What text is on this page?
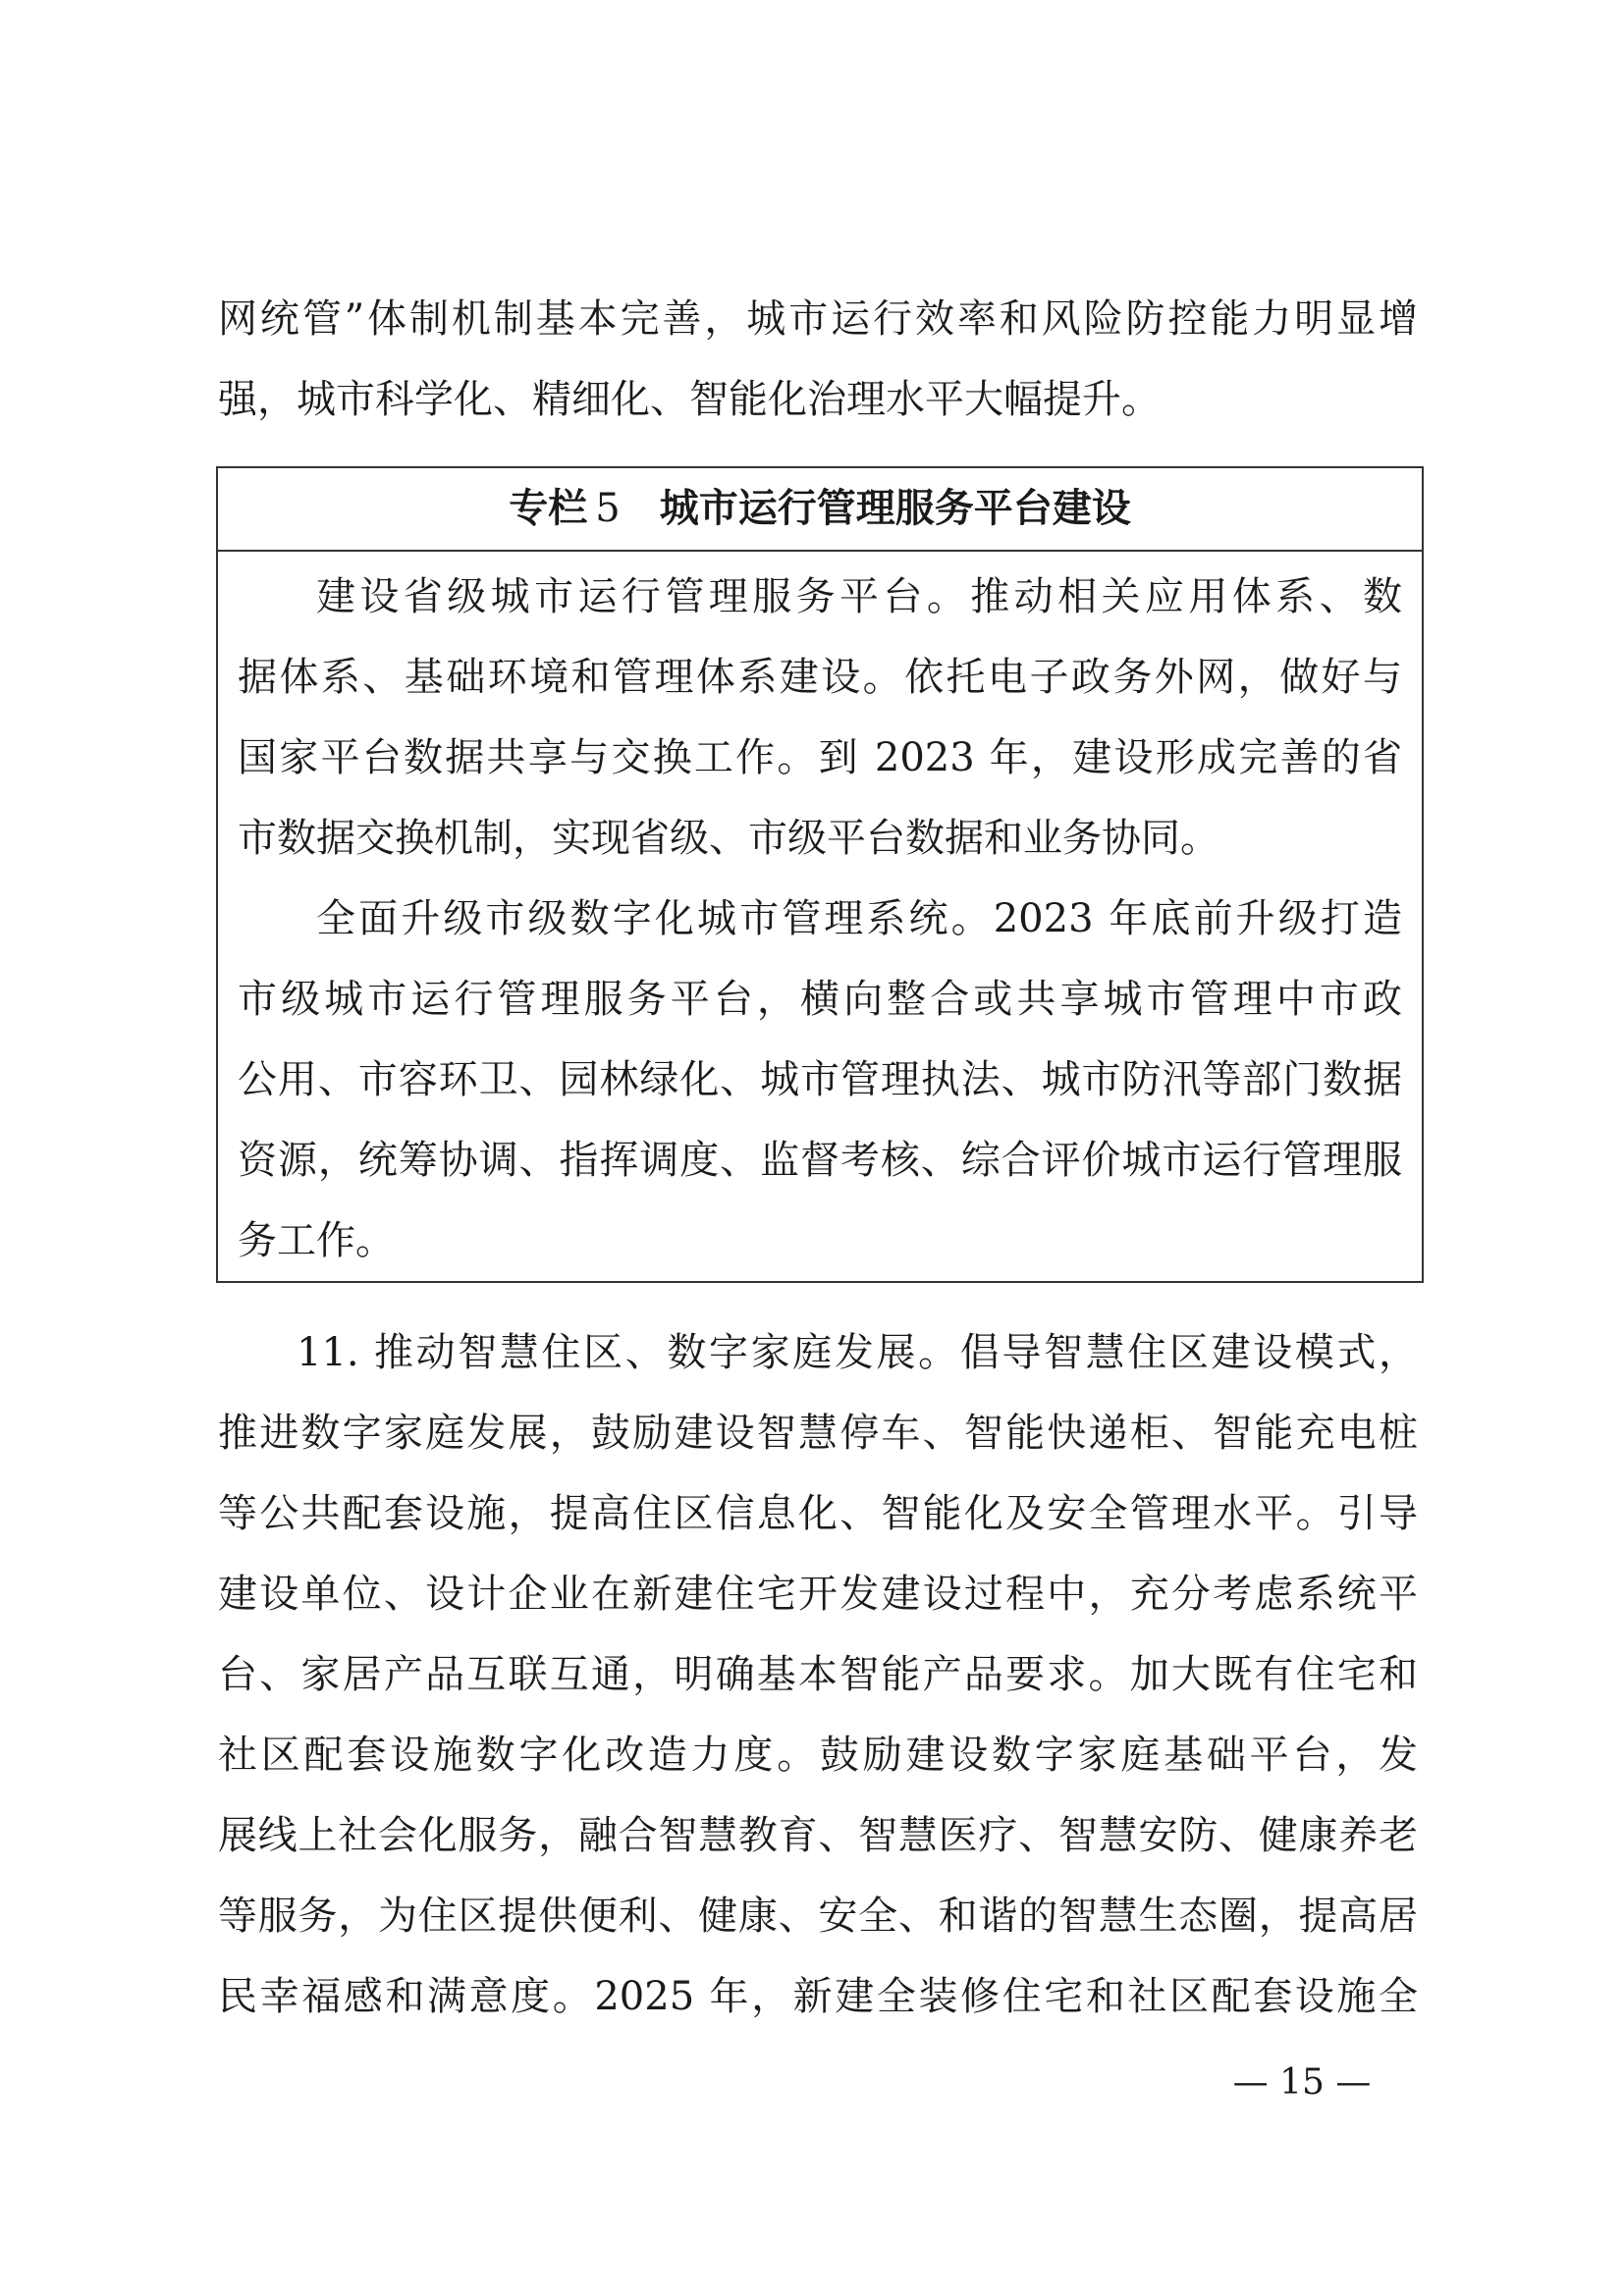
网统管”体制机制基本完善，城市运行效率和风险防控能力明显增
强，城市科学化、精细化、智能化治理水平大幅提升。
专栏 5 城市运行管理服务平台建设
建设省级城市运行管理服务平台。推动相关应用体系、数
据体系、基础环境和管理体系建设。依托电子政务外网，做好与
国家平台数据共享与交换工作。到 2023 年，建设形成完善的省
市数据交换机制，实现省级、市级平台数据和业务协同。
全面升级市级数字化城市管理系统。2023 年底前升级打造
市级城市运行管理服务平台，横向整合或共享城市管理中市政
公用、市容环卫、园林绿化、城市管理执法、城市防汛等部门数据
资源，统筹协调、指挥调度、监督考核、综合评价城市运行管理服
务工作。
11. 推动智慧住区、数字家庭发展。倡导智慧住区建设模式，
推进数字家庭发展，鼓励建设智慧停车、智能快递柜、智能充电桩
等公共配套设施，提高住区信息化、智能化及安全管理水平。引导
建设单位、设计企业在新建住宅开发建设过程中，充分考虑系统平
台、家居产品互联互通，明确基本智能产品要求。加大既有住宅和
社区配套设施数字化改造力度。鼓励建设数字家庭基础平台，发
展线上社会化服务，融合智慧教育、智慧医疗、智慧安防、健康养老
等服务，为住区提供便利、健康、安全、和谐的智慧生态圈，提高居
民幸福感和满意度。2025 年，新建全装修住宅和社区配套设施全
— 15 —
